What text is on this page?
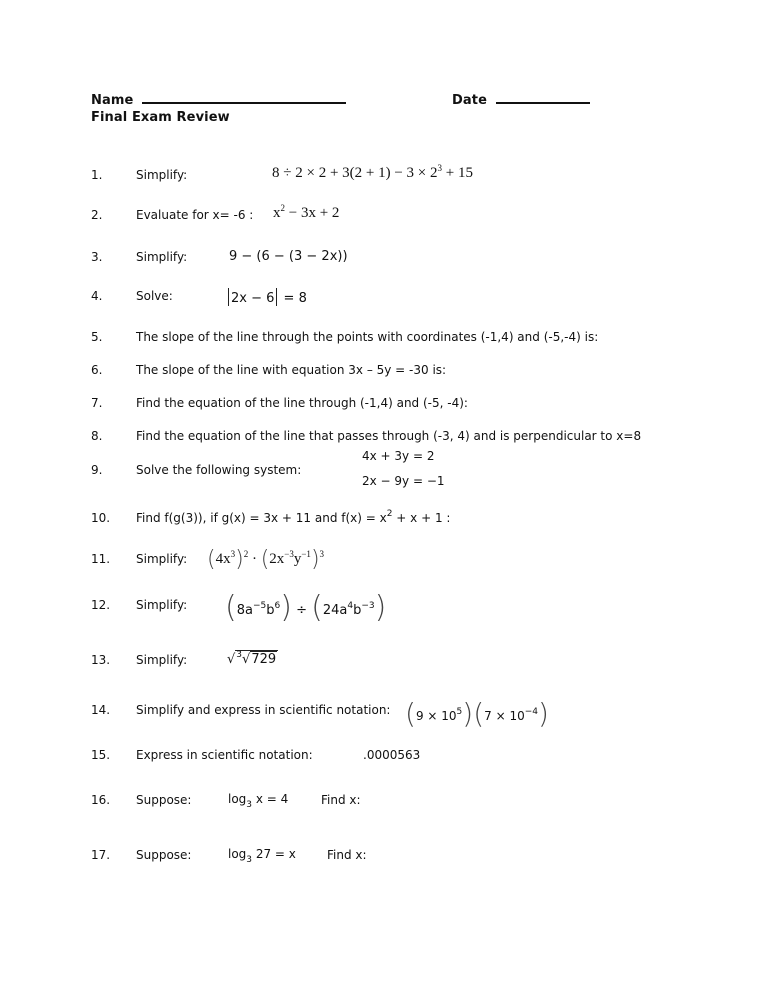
Name	Date
Final Exam Review
1.	Simplify:	$8 \div 2 \times 2 + 3(2 + 1) - 3 \times 2^3 + 15$
2.	Evaluate for x= -6 : $x^2 - 3x + 2$
3.	Simplify:	9 − (6 − (3 − 2x))
4.	Solve:	2x − 6 = 8
5.	The slope of the line through the points with coordinates (-1,4) and (-5,-4) is:
6.	The slope of the line with equation 3x – 5y = -30 is:
7.	Find the equation of the line through (-1,4) and (-5, -4):
8.	Find the equation of the line that passes through (-3, 4) and is perpendicular to x=8
9.	Solve the following system:
4x + 3y = 2
2x − 9y = −1
10. Find f(g(3)), if g(x) = 3x + 11 and $f(x) = x^2 + x + 1$ :
11. Simplify: $(4x^3)^2 \cdot (2x^{-3}y^{-1})^3$
12. Simplify: $(8a^{-5}b^6) \div (24a^4b^{-3})$
13. Simplify:	√$^3$√729
14. Simplify and express in scientific notation: $(9 \times 10^5)(7 \times 10^{-4})$
15. Express in scientific notation:	.0000563
16. Suppose:	$\log_3 x = 4$	Find x:
17. Suppose:	$\log_3 27 = x$	Find x:
